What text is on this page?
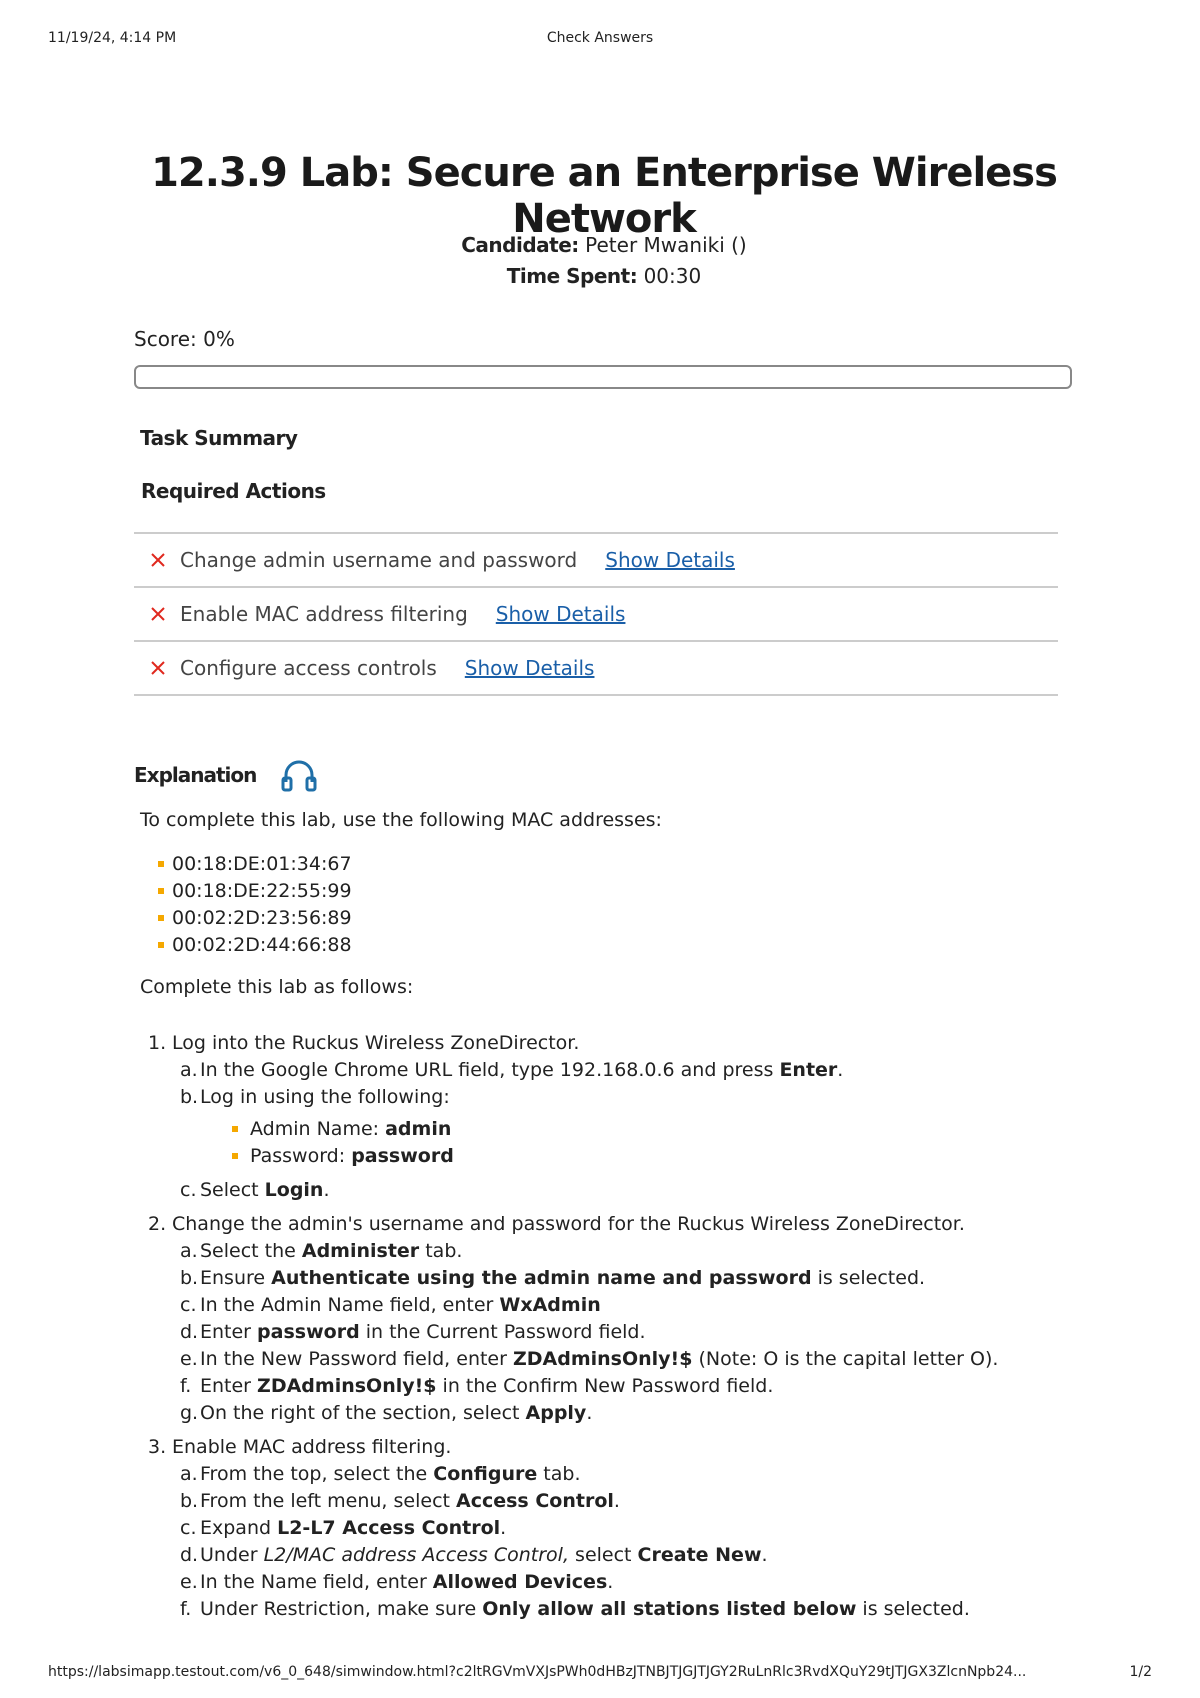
11/19/24, 4:14 PM	Check Answers
12.3.9 Lab: Secure an Enterprise Wireless Network
Candidate: Peter Mwaniki ()
Time Spent: 00:30
Score: 0%
Task Summary
Required Actions
Change admin username and password Show Details
Enable MAC address filtering Show Details
Configure access controls Show Details
Explanation
To complete this lab, use the following MAC addresses:
00:18:DE:01:34:67
00:18:DE:22:55:99
00:02:2D:23:56:89
00:02:2D:44:66:88
Complete this lab as follows:
1. Log into the Ruckus Wireless ZoneDirector.
a. In the Google Chrome URL field, type 192.168.0.6 and press Enter.
b. Log in using the following:
Admin Name: admin
Password: password
c. Select Login.
2. Change the admin's username and password for the Ruckus Wireless ZoneDirector.
a. Select the Administer tab.
b. Ensure Authenticate using the admin name and password is selected.
c. In the Admin Name field, enter WxAdmin
d. Enter password in the Current Password field.
e. In the New Password field, enter ZDAdminsOnly!$ (Note: O is the capital letter O).
f. Enter ZDAdminsOnly!$ in the Confirm New Password field.
g. On the right of the section, select Apply.
3. Enable MAC address filtering.
a. From the top, select the Configure tab.
b. From the left menu, select Access Control.
c. Expand L2-L7 Access Control.
d. Under L2/MAC address Access Control, select Create New.
e. In the Name field, enter Allowed Devices.
f. Under Restriction, make sure Only allow all stations listed below is selected.
https://labsimapp.testout.com/v6_0_648/simwindow.html?c2ltRGVmVXJsPWh0dHBzJTNBJTJGJTJGY2RuLnRlc3RvdXQuY29tJTJGX3ZlcnNpb24...	1/2
